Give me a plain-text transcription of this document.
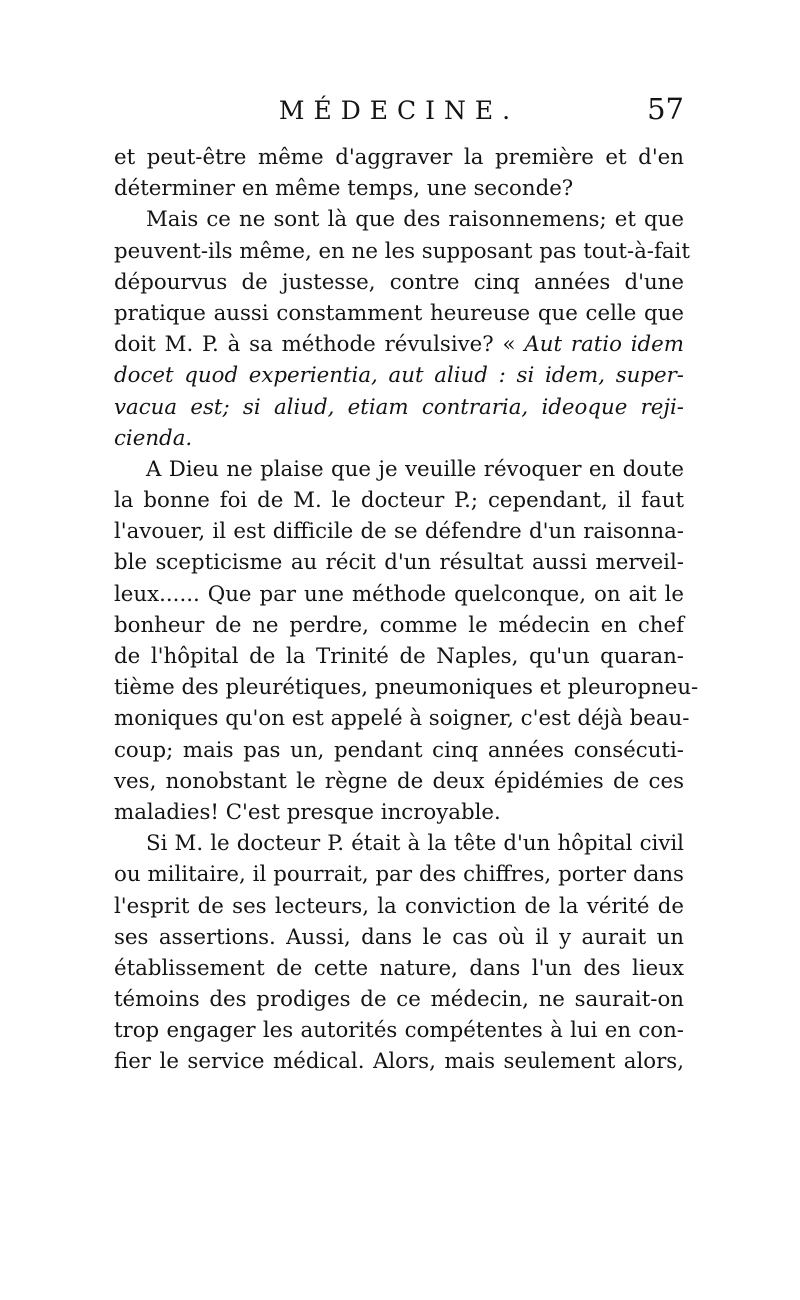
MÉDECINE.	57
et peut-être même d'aggraver la première et d'en
déterminer en même temps, une seconde?
Mais ce ne sont là que des raisonnemens; et que
peuvent-ils même, en ne les supposant pas tout-à-fait
dépourvus de justesse, contre cinq années d'une
pratique aussi constamment heureuse que celle que
doit M. P. à sa méthode révulsive? « Aut ratio idem
docet quod experientia, aut aliud : si idem, super-
vacua est; si aliud, etiam contraria, ideoque reji-
cienda.
A Dieu ne plaise que je veuille révoquer en doute
la bonne foi de M. le docteur P.; cependant, il faut
l'avouer, il est difficile de se défendre d'un raisonna-
ble scepticisme au récit d'un résultat aussi merveil-
leux...... Que par une méthode quelconque, on ait le
bonheur de ne perdre, comme le médecin en chef
de l'hôpital de la Trinité de Naples, qu'un quaran-
tième des pleurétiques, pneumoniques et pleuropneu-
moniques qu'on est appelé à soigner, c'est déjà beau-
coup; mais pas un, pendant cinq années consécuti-
ves, nonobstant le règne de deux épidémies de ces
maladies! C'est presque incroyable.
Si M. le docteur P. était à la tête d'un hôpital civil
ou militaire, il pourrait, par des chiffres, porter dans
l'esprit de ses lecteurs, la conviction de la vérité de
ses assertions. Aussi, dans le cas où il y aurait un
établissement de cette nature, dans l'un des lieux
témoins des prodiges de ce médecin, ne saurait-on
trop engager les autorités compétentes à lui en con-
fier le service médical. Alors, mais seulement alors,
